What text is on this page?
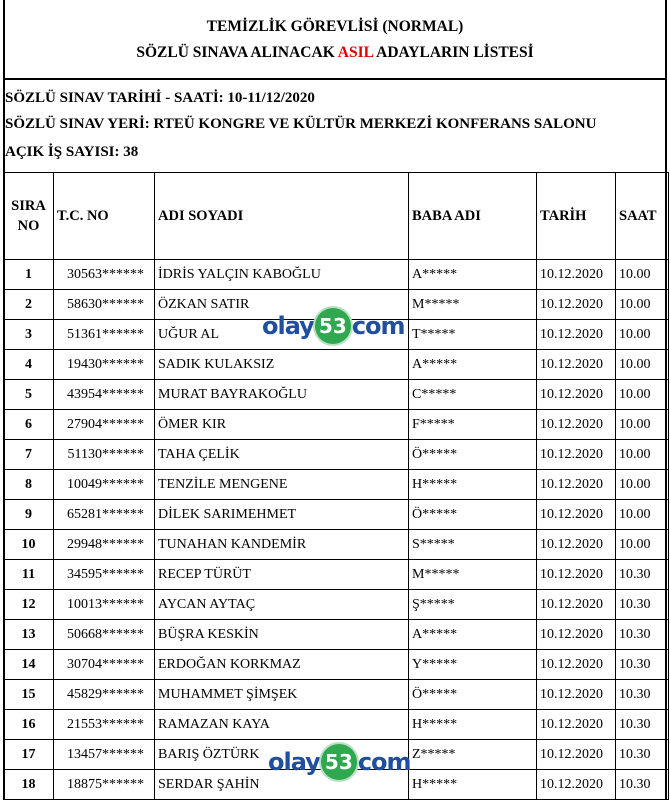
TEMİZLİK GÖREVLİSİ (NORMAL)
SÖZLÜ SINAVA ALINACAK ASIL ADAYLARIN LİSTESİ
SÖZLÜ SINAV TARİHİ - SAATİ: 10-11/12/2020
SÖZLÜ SINAV YERİ: RTEÜ KONGRE VE KÜLTÜR MERKEZİ KONFERANS SALONU
AÇIK İŞ SAYISI: 38
SIRA
NO	T.C. NO	ADI SOYADI	BABA ADI	TARİH	SAAT
1	30563******	İDRİS YALÇIN KABOĞLU	A*****	10.12.2020	10.00
2	58630******	ÖZKAN SATIR	M*****	10.12.2020	10.00
3	51361******	UĞUR AL	T*****	10.12.2020	10.00
4	19430******	SADIK KULAKSIZ	A*****	10.12.2020	10.00
5	43954******	MURAT BAYRAKOĞLU	C*****	10.12.2020	10.00
6	27904******	ÖMER KIR	F*****	10.12.2020	10.00
7	51130******	TAHA ÇELİK	Ö*****	10.12.2020	10.00
8	10049******	TENZİLE MENGENE	H*****	10.12.2020	10.00
9	65281******	DİLEK SARIMEHMET	Ö*****	10.12.2020	10.00
10	29948******	TUNAHAN KANDEMİR	S*****	10.12.2020	10.00
11	34595******	RECEP TÜRÜT	M*****	10.12.2020	10.30
12	10013******	AYCAN AYTAÇ	Ş*****	10.12.2020	10.30
13	50668******	BÜŞRA KESKİN	A*****	10.12.2020	10.30
14	30704******	ERDOĞAN KORKMAZ	Y*****	10.12.2020	10.30
15	45829******	MUHAMMET ŞİMŞEK	Ö*****	10.12.2020	10.30
16	21553******	RAMAZAN KAYA	H*****	10.12.2020	10.30
17	13457******	BARIŞ ÖZTÜRK	Z*****	10.12.2020	10.30
18	18875******	SERDAR ŞAHİN	H*****	10.12.2020	10.30
olay 53 com
olay 53 com
